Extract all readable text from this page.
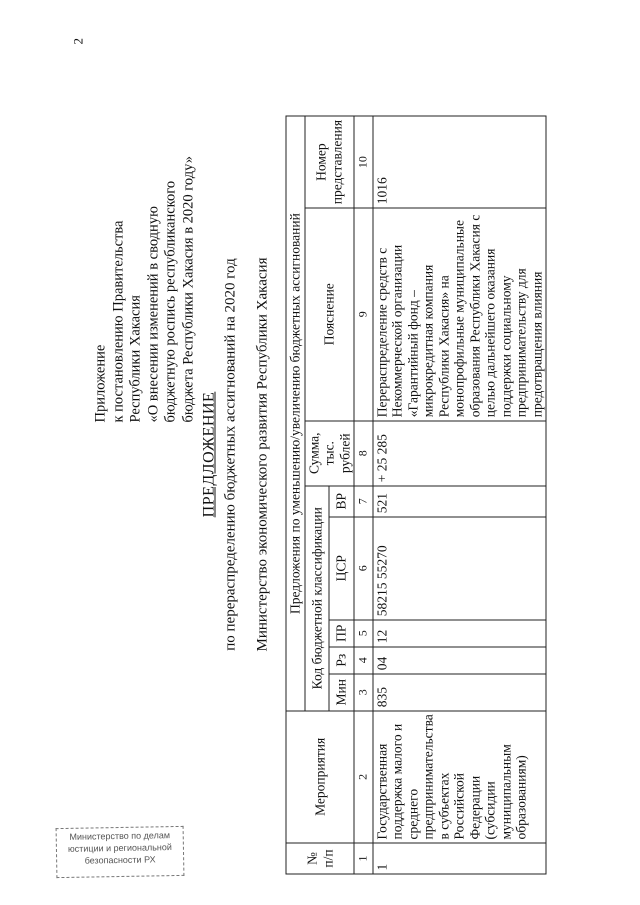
2
Приложение к постановлению Правительства Республики Хакасия «О внесении изменений в сводную бюджетную роспись республиканского бюджета Республики Хакасия в 2020 году»
ПРЕДЛОЖЕНИЕ по перераспределению бюджетных ассигнований на 2020 год Министерство экономического развития Республики Хакасия
№ п/п	Мероприятия	Предложения по уменьшению/увеличению бюджетных ассигнований							
		Код бюджетной классификации					Сумма, тыс. рублей	Пояснение	Номер представления
		Мин	Рз	ПР	ЦСР	ВР			
1	2	3	4	5	6	7	8	9	10
1	Государственная поддержка малого и среднего предпринимательства в субъектах Российской Федерации (субсидии муниципальным образованиям)	835	04	12	58215 55270	521	+ 25 285	Перераспределение средств с Некоммерческой организации «Гарантийный фонд – микрокредитная компания Республики Хакасия» на монопрофильные муниципальные образования Республики Хакасия с целью дальнейшего оказания поддержки социальному предпринимательству для предотвращения влияния	1016
Министерство по делам
юстиции и региональной
безопасности РХ
